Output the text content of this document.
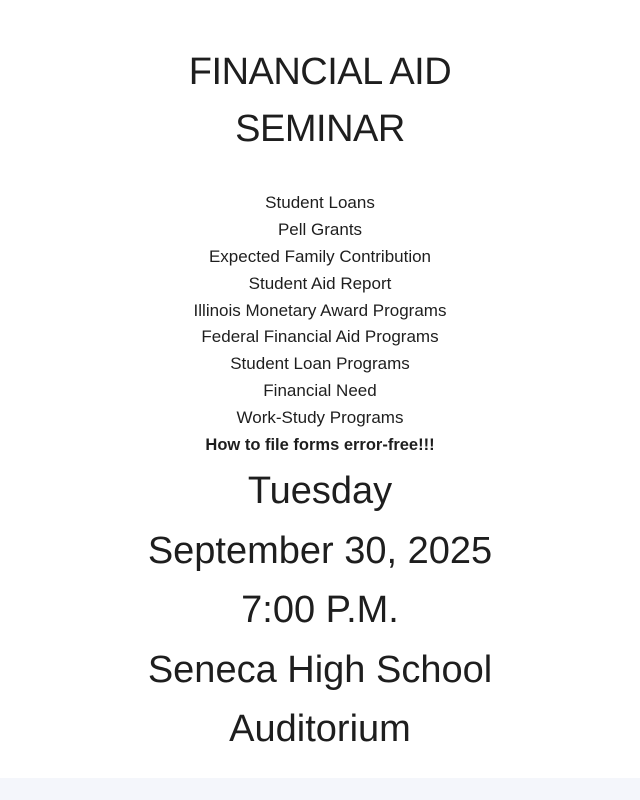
FINANCIAL AID
SEMINAR
Student Loans
Pell Grants
Expected Family Contribution
Student Aid Report
Illinois Monetary Award Programs
Federal Financial Aid Programs
Student Loan Programs
Financial Need
Work-Study Programs
How to file forms error-free!!!
Tuesday
September 30, 2025
7:00 P.M.
Seneca High School
Auditorium
